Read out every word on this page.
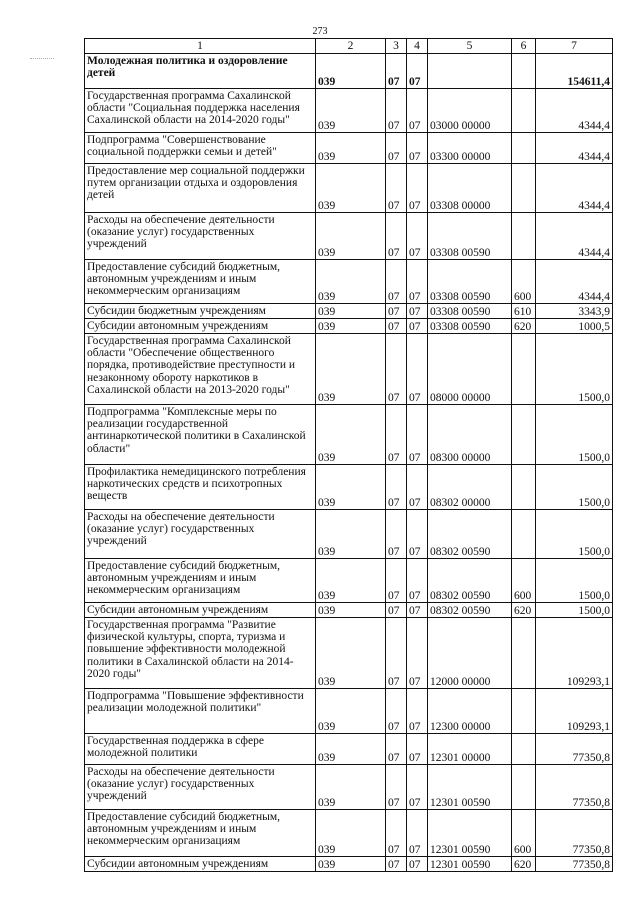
273
1	2	3	4	5	6	7
Молодежная политика и оздоровление детей	039	07	07			154611,4
Государственная программа Сахалинской области "Социальная поддержка населения Сахалинской области на 2014-2020 годы"	039	07	07	03000 00000		4344,4
Подпрограмма "Совершенствование социальной поддержки семьи и детей"	039	07	07	03300 00000		4344,4
Предоставление мер социальной поддержки путем организации отдыха и оздоровления детей	039	07	07	03308 00000		4344,4
Расходы на обеспечение деятельности (оказание услуг) государственных учреждений	039	07	07	03308 00590		4344,4
Предоставление субсидий бюджетным, автономным учреждениям и иным некоммерческим организациям	039	07	07	03308 00590	600	4344,4
Субсидии бюджетным учреждениям	039	07	07	03308 00590	610	3343,9
Субсидии автономным учреждениям	039	07	07	03308 00590	620	1000,5
Государственная программа Сахалинской области "Обеспечение общественного порядка, противодействие преступности и незаконному обороту наркотиков в Сахалинской области на 2013-2020 годы"	039	07	07	08000 00000		1500,0
Подпрограмма "Комплексные меры по реализации государственной антинаркотической политики в Сахалинской области"	039	07	07	08300 00000		1500,0
Профилактика немедицинского потребления наркотических средств и психотропных веществ	039	07	07	08302 00000		1500,0
Расходы на обеспечение деятельности (оказание услуг) государственных учреждений	039	07	07	08302 00590		1500,0
Предоставление субсидий бюджетным, автономным учреждениям и иным некоммерческим организациям	039	07	07	08302 00590	600	1500,0
Субсидии автономным учреждениям	039	07	07	08302 00590	620	1500,0
Государственная программа "Развитие физической культуры, спорта, туризма и повышение эффективности молодежной политики в Сахалинской области на 2014-2020 годы"	039	07	07	12000 00000		109293,1
Подпрограмма "Повышение эффективности реализации молодежной политики"	039	07	07	12300 00000		109293,1
Государственная поддержка в сфере молодежной политики	039	07	07	12301 00000		77350,8
Расходы на обеспечение деятельности (оказание услуг) государственных учреждений	039	07	07	12301 00590		77350,8
Предоставление субсидий бюджетным, автономным учреждениям и иным некоммерческим организациям	039	07	07	12301 00590	600	77350,8
Субсидии автономным учреждениям	039	07	07	12301 00590	620	77350,8
